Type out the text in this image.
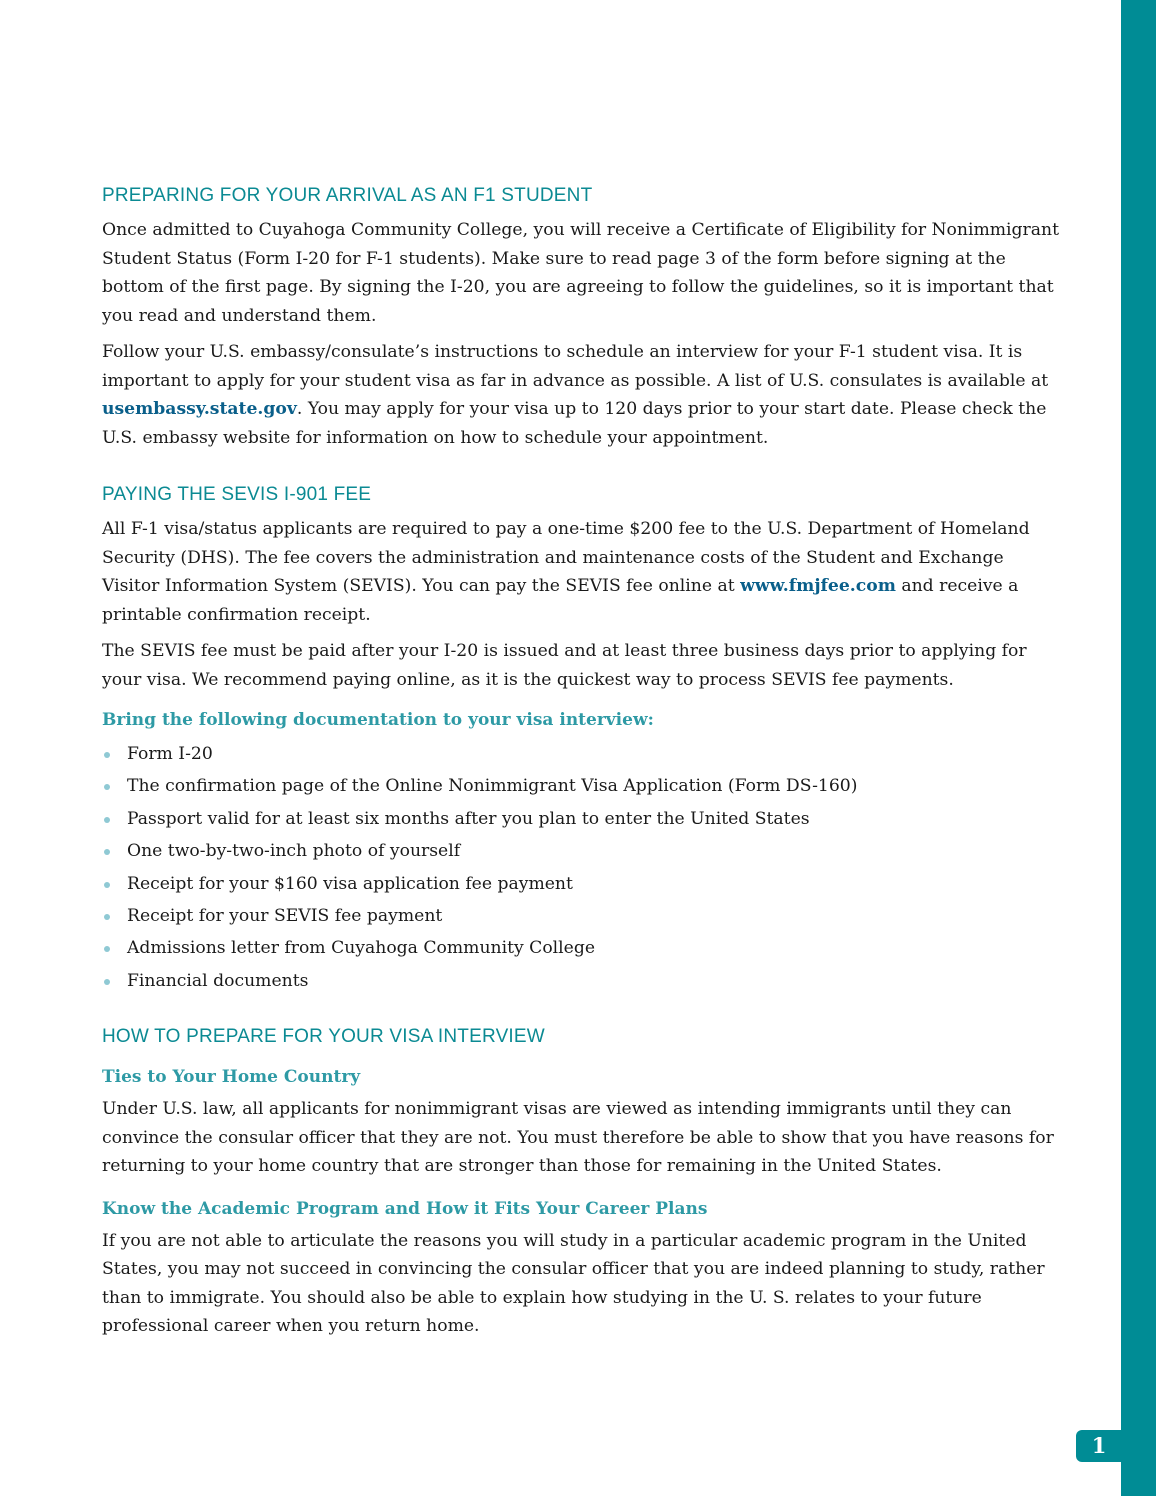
1
PREPARING FOR YOUR ARRIVAL AS AN F1 STUDENT

Once admitted to Cuyahoga Community College, you will receive a Certificate of Eligibility for Nonimmigrant Student Status (Form I-20 for F-1 students). Make sure to read page 3 of the form before signing at the bottom of the first page. By signing the I-20, you are agreeing to follow the guidelines, so it is important that you read and understand them.

Follow your U.S. embassy/consulate’s instructions to schedule an interview for your F-1 student visa. It is important to apply for your student visa as far in advance as possible. A list of U.S. consulates is available at usembassy.state.gov. You may apply for your visa up to 120 days prior to your start date. Please check the U.S. embassy website for information on how to schedule your appointment.

PAYING THE SEVIS I-901 FEE

All F-1 visa/status applicants are required to pay a one-time $200 fee to the U.S. Department of Homeland Security (DHS). The fee covers the administration and maintenance costs of the Student and Exchange Visitor Information System (SEVIS). You can pay the SEVIS fee online at www.fmjfee.com and receive a printable confirmation receipt.

The SEVIS fee must be paid after your I-20 is issued and at least three business days prior to applying for your visa. We recommend paying online, as it is the quickest way to process SEVIS fee payments.

Bring the following documentation to your visa interview:
Form I-20
The confirmation page of the Online Nonimmigrant Visa Application (Form DS-160)
Passport valid for at least six months after you plan to enter the United States
One two-by-two-inch photo of yourself
Receipt for your $160 visa application fee payment
Receipt for your SEVIS fee payment
Admissions letter from Cuyahoga Community College
Financial documents
HOW TO PREPARE FOR YOUR VISA INTERVIEW
Ties to Your Home Country

Under U.S. law, all applicants for nonimmigrant visas are viewed as intending immigrants until they can convince the consular officer that they are not. You must therefore be able to show that you have reasons for returning to your home country that are stronger than those for remaining in the United States.

Know the Academic Program and How it Fits Your Career Plans

If you are not able to articulate the reasons you will study in a particular academic program in the United States, you may not succeed in convincing the consular officer that you are indeed planning to study, rather than to immigrate. You should also be able to explain how studying in the U. S. relates to your future professional career when you return home.
